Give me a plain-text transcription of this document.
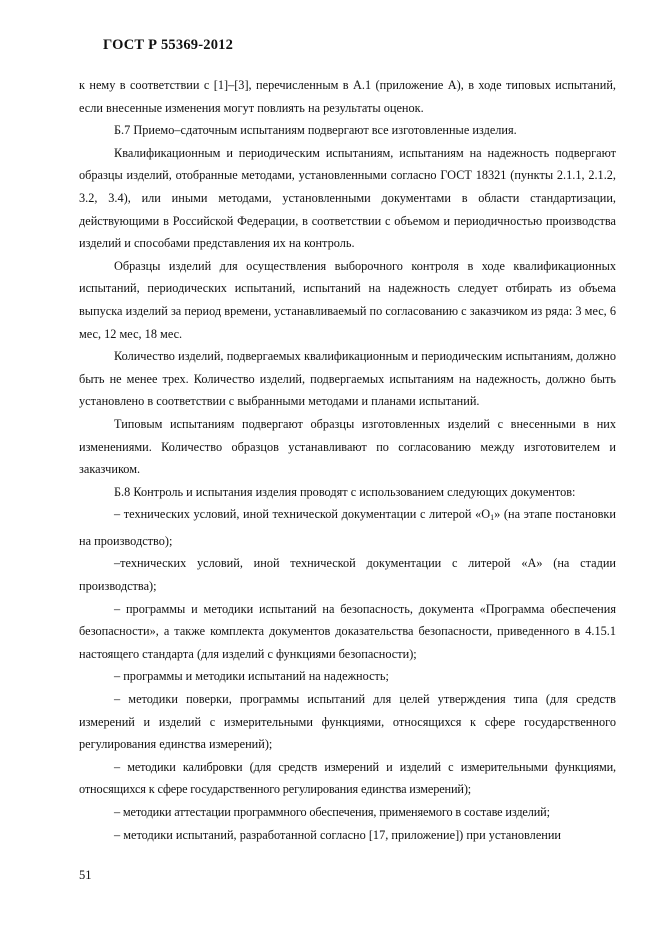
ГОСТ Р 55369-2012

к нему в соответствии с [1]–[3], перечисленным в А.1 (приложение А), в ходе типовых испытаний, если внесенные изменения могут повлиять на результаты оценок.

Б.7 Приемо–сдаточным испытаниям подвергают все изготовленные изделия.

Квалификационным и периодическим испытаниям, испытаниям на надежность подвергают образцы изделий, отобранные методами, установленными согласно ГОСТ 18321 (пункты 2.1.1, 2.1.2, 3.2, 3.4), или иными методами, установленными документами в области стандартизации, действующими в Российской Федерации, в соответствии с объемом и периодичностью производства изделий и способами представления их на контроль.

Образцы изделий для осуществления выборочного контроля в ходе квалификационных испытаний, периодических испытаний, испытаний на надежность следует отбирать из объема выпуска изделий за период времени, устанавливаемый по согласованию с заказчиком из ряда: 3 мес, 6 мес, 12 мес, 18 мес.

Количество изделий, подвергаемых квалификационным и периодическим испытаниям, должно быть не менее трех. Количество изделий, подвергаемых испытаниям на надежность, должно быть установлено в соответствии с выбранными методами и планами испытаний.

Типовым испытаниям подвергают образцы изготовленных изделий с внесенными в них изменениями. Количество образцов устанавливают по согласованию между изготовителем и заказчиком.

Б.8 Контроль и испытания изделия проводят с использованием следующих документов:

– технических условий, иной технической документации с литерой «$О_1$» (на этапе постановки на производство);

–технических условий, иной технической документации с литерой «А» (на стадии производства);

– программы и методики испытаний на безопасность, документа «Программа обеспечения безопасности», а также комплекта документов доказательства безопасности, приведенного в 4.15.1 настоящего стандарта (для изделий с функциями безопасности);

– программы и методики испытаний на надежность;

– методики поверки, программы испытаний для целей утверждения типа (для средств измерений и изделий с измерительными функциями, относящихся к сфере государственного регулирования единства измерений);

– методики калибровки (для средств измерений и изделий с измерительными функциями, относящихся к сфере государственного регулирования единства измерений);

– методики аттестации программного обеспечения, применяемого в составе изделий;

– методики испытаний, разработанной согласно [17, приложение]) при установлении

51
